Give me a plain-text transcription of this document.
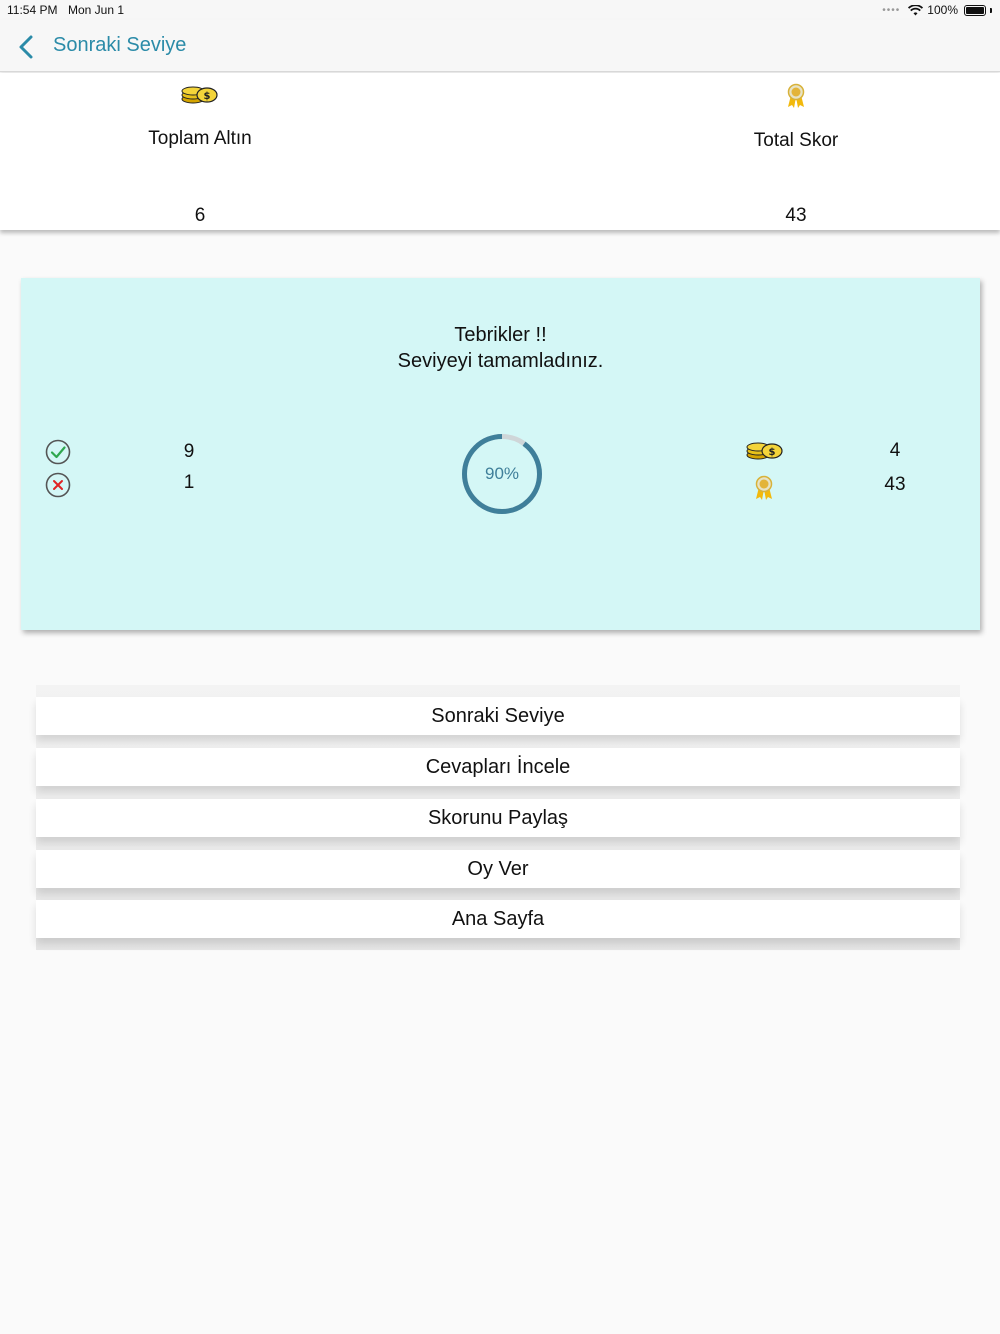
11:54 PM Mon Jun 1	•••• 100%
Sonraki Seviye
$
Toplam Altın
6
Total Skor
43
Tebrikler !!
Seviyeyi tamamladınız.
9
1	90%
$	4
43
Sonraki Seviye
Cevapları İncele
Skorunu Paylaş
Oy Ver
Ana Sayfa
